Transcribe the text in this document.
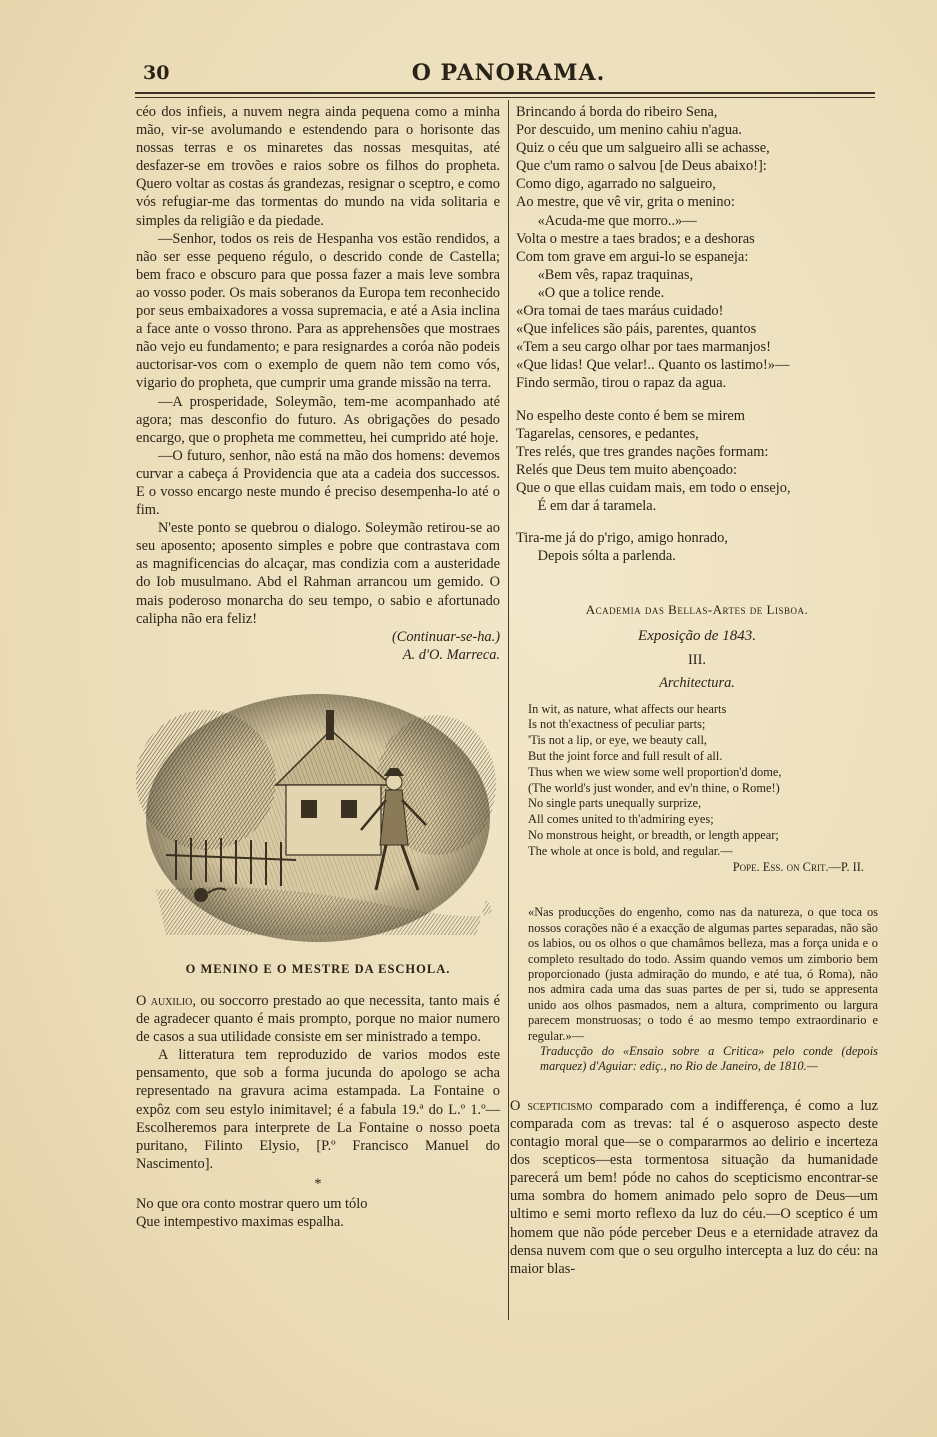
30	O PANORAMA.

céo dos infieis, a nuvem negra ainda pequena como a minha mão, vir-se avolumando e estendendo para o horisonte das nossas terras e os minaretes das nossas mesquitas, até desfazer-se em trovões e raios sobre os filhos do propheta. Quero voltar as costas ás grandezas, resignar o sceptro, e como vós refugiar-me das tormentas do mundo na vida solitaria e simples da religião e da piedade.

—Senhor, todos os reis de Hespanha vos estão rendidos, a não ser esse pequeno régulo, o descrido conde de Castella; bem fraco e obscuro para que possa fazer a mais leve sombra ao vosso poder. Os mais soberanos da Europa tem reconhecido por seus embaixadores a vossa supremacia, e até a Asia inclina a face ante o vosso throno. Para as apprehensões que mostraes não vejo eu fundamento; e para resignardes a coróa não podeis auctorisar-vos com o exemplo de quem não tem como vós, vigario do propheta, que cumprir uma grande missão na terra.

—A prosperidade, Soleymão, tem-me acompanhado até agora; mas desconfio do futuro. As obrigações do pesado encargo, que o propheta me commetteu, hei cumprido até hoje.

—O futuro, senhor, não está na mão dos homens: devemos curvar a cabeça á Providencia que ata a cadeia dos successos. E o vosso encargo neste mundo é preciso desempenha-lo até o fim.

N'este ponto se quebrou o dialogo. Soleymão retirou-se ao seu aposento; aposento simples e pobre que contrastava com as magnificencias do alcaçar, mas condizia com a austeridade do Iob musulmano. Abd el Rahman arrancou um gemido. O mais poderoso monarcha do seu tempo, o sabio e afortunado calipha não era feliz!

(Continuar-se-ha.)

A. d'O. Marreca.

O MENINO E O MESTRE DA ESCHOLA.

O auxilio, ou soccorro prestado ao que necessita, tanto mais é de agradecer quanto é mais prompto, porque no maior numero de casos a sua utilidade consiste em ser ministrado a tempo.

A litteratura tem reproduzido de varios modos este pensamento, que sob a forma jucunda do apologo se acha representado na gravura acima estampada. La Fontaine o expôz com seu estylo inimitavel; é a fabula 19.ª do L.º 1.º—Escolheremos para interprete de La Fontaine o nosso poeta puritano, Filinto Elysio, [P.º Francisco Manuel do Nascimento].

*

No que ora conto mostrar quero um tólo

Que intempestivo maximas espalha.

Brincando á borda do ribeiro Sena,

Por descuido, um menino cahiu n'agua.

Quiz o céu que um salgueiro alli se achasse,

Que c'um ramo o salvou [de Deus abaixo!]:

Como digo, agarrado no salgueiro,

Ao mestre, que vê vir, grita o menino:

«Acuda-me que morro..»—

Volta o mestre a taes brados; e a deshoras

Com tom grave em argui-lo se espaneja:

«Bem vês, rapaz traquinas,

«O que a tolice rende.

«Ora tomai de taes maráus cuidado!

«Que infelices são páis, parentes, quantos

«Tem a seu cargo olhar por taes marmanjos!

«Que lidas! Que velar!.. Quanto os lastimo!»—

Findo sermão, tirou o rapaz da agua.

No espelho deste conto é bem se mirem

Tagarelas, censores, e pedantes,

Tres relés, que tres grandes nações formam:

Relés que Deus tem muito abençoado:

Que o que ellas cuidam mais, em todo o ensejo,

É em dar á taramela.

Tira-me já do p'rigo, amigo honrado,

Depois sólta a parlenda.

Academia das Bellas-Artes de Lisboa.

Exposição de 1843.

III.

Architectura.

In wit, as nature, what affects our hearts
Is not th'exactness of peculiar parts;
'Tis not a lip, or eye, we beauty call,
But the joint force and full result of all.
Thus when we wiew some well proportion'd dome,
(The world's just wonder, and ev'n thine, o Rome!)
No single parts unequally surprize,
All comes united to th'admiring eyes;
No monstrous height, or breadth, or length appear;
The whole at once is bold, and regular.—
Pope. Ess. on Crit.—P. II.

«Nas producções do engenho, como nas da natureza, o que toca os nossos corações não é a exacção de algumas partes separadas, não são os labios, ou os olhos o que chamâmos belleza, mas a força unida e o completo resultado do todo. Assim quando vemos um zimborio bem proporcionado (justa admiração do mundo, e até tua, ó Roma), não nos admira cada uma das suas partes de per si, tudo se appresenta unido aos olhos pasmados, nem a altura, comprimento ou largura parecem monstruosas; o todo é ao mesmo tempo extraordinario e regular.»—

Traducção do «Ensaio sobre a Critica» pelo conde (depois marquez) d'Aguiar: ediç., no Rio de Janeiro, de 1810.—

O scepticismo comparado com a indifferença, é como a luz comparada com as trevas: tal é o asqueroso aspecto deste contagio moral que—se o compararmos ao delirio e incerteza dos scepticos—esta tormentosa situação da humanidade parecerá um bem! póde no cahos do scepticismo encontrar-se uma sombra do homem animado pelo sopro de Deus—um ultimo e semi morto reflexo da luz do céu.—O sceptico é um homem que não póde perceber Deus e a eternidade atravez da densa nuvem com que o seu orgulho intercepta a luz do céu: na maior blas-
